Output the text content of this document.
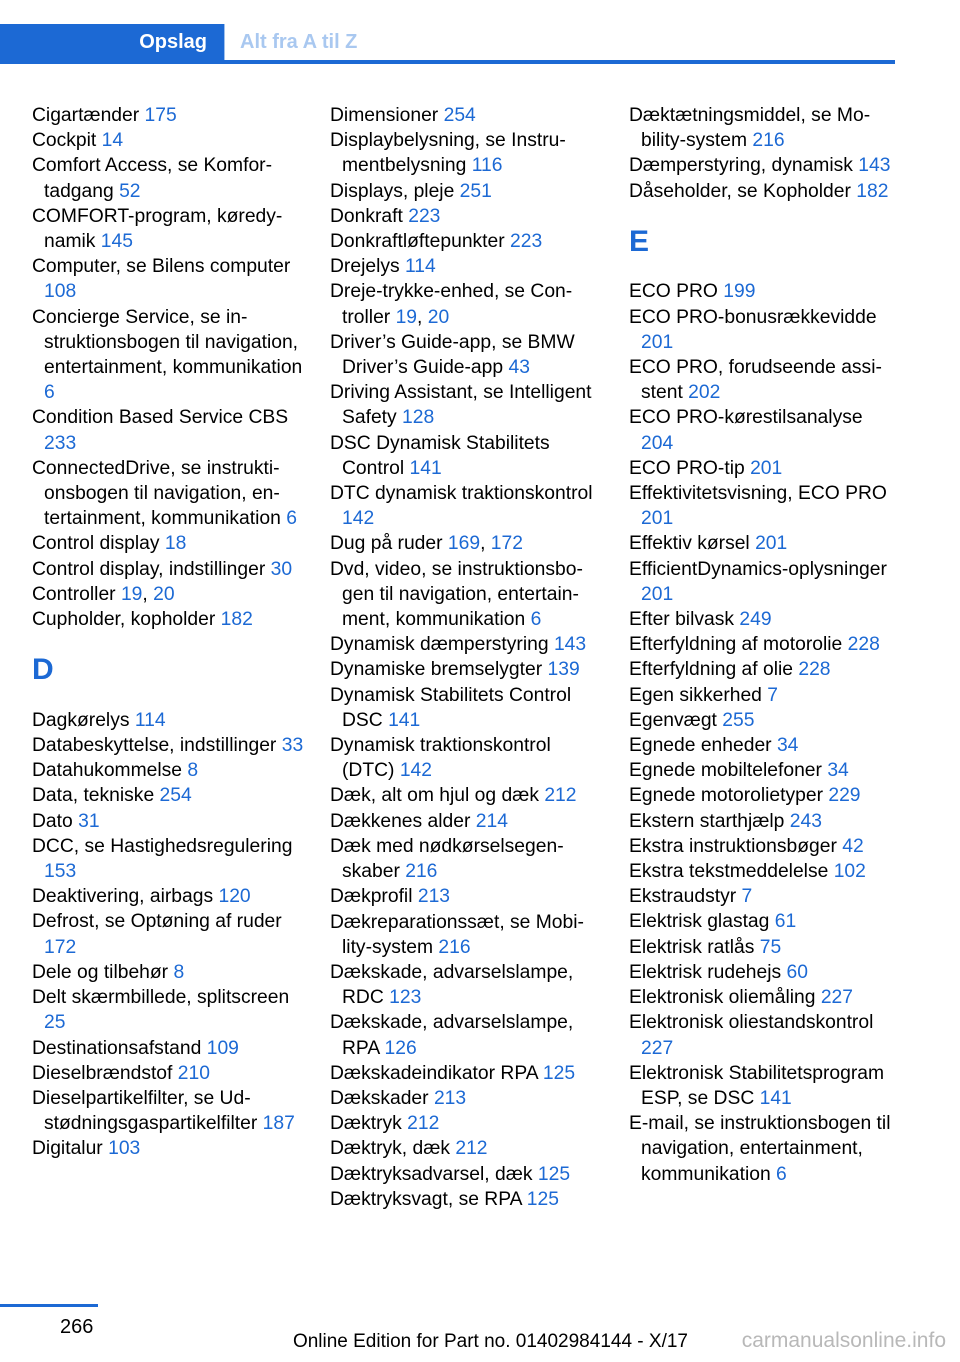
Opslag	Alt fra A til Z
Cigartænder 175
Cockpit 14
Comfort Access, se Komfortadgang 52
COMFORT-program, køredynamik 145
Computer, se Bilens computer 108
Concierge Service, se instruktionsbogen til navigation, entertainment, kommunikation 6
Condition Based Service CBS 233
ConnectedDrive, se instruktionsbogen til navigation, entertainment, kommunikation 6
Control display 18
Control display, indstillinger 30
Controller 19, 20
Cupholder, kopholder 182
D
Dagkørelys 114
Databeskyttelse, indstillinger 33
Datahukommelse 8
Data, tekniske 254
Dato 31
DCC, se Hastighedsregulering 153
Deaktivering, airbags 120
Defrost, se Optøning af ruder 172
Dele og tilbehør 8
Delt skærmbillede, splitscreen 25
Destinationsafstand 109
Dieselbrændstof 210
Dieselpartikelfilter, se Udstødningsgaspartikelfilter 187
Digitalur 103
Dimensioner 254
Displaybelysning, se Instrumentbelysning 116
Displays, pleje 251
Donkraft 223
Donkraftløftepunkter 223
Drejelys 114
Dreje-trykke-enhed, se Controller 19, 20
Driver’s Guide-app, se BMW Driver’s Guide-app 43
Driving Assistant, se Intelligent Safety 128
DSC Dynamisk Stabilitets Control 141
DTC dynamisk traktionskontrol 142
Dug på ruder 169, 172
Dvd, video, se instruktionsbogen til navigation, entertainment, kommunikation 6
Dynamisk dæmperstyring 143
Dynamiske bremselygter 139
Dynamisk Stabilitets Control DSC 141
Dynamisk traktionskontrol (DTC) 142
Dæk, alt om hjul og dæk 212
Dækkenes alder 214
Dæk med nødkørselsegenskaber 216
Dækprofil 213
Dækreparationssæt, se Mobility-system 216
Dækskade, advarselslampe, RDC 123
Dækskade, advarselslampe, RPA 126
Dækskadeindikator RPA 125
Dækskader 213
Dæktryk 212
Dæktryk, dæk 212
Dæktryksadvarsel, dæk 125
Dæktryksvagt, se RPA 125
Dæktætningsmiddel, se Mobility-system 216
Dæmperstyring, dynamisk 143
Dåseholder, se Kopholder 182
E
ECO PRO 199
ECO PRO-bonusrækkevidde 201
ECO PRO, forudseende assistent 202
ECO PRO-kørestilsanalyse 204
ECO PRO-tip 201
Effektivitetsvisning, ECO PRO 201
Effektiv kørsel 201
EfficientDynamics-oplysninger 201
Efter bilvask 249
Efterfyldning af motorolie 228
Efterfyldning af olie 228
Egen sikkerhed 7
Egenvægt 255
Egnede enheder 34
Egnede mobiltelefoner 34
Egnede motorolietyper 229
Ekstern starthjælp 243
Ekstra instruktionsbøger 42
Ekstra tekstmeddelelse 102
Ekstraudstyr 7
Elektrisk glastag 61
Elektrisk ratlås 75
Elektrisk rudehejs 60
Elektronisk oliemåling 227
Elektronisk oliestandskontrol 227
Elektronisk Stabilitetsprogram ESP, se DSC 141
E-mail, se instruktionsbogen til navigation, entertainment, kommunikation 6
266
Online Edition for Part no. 01402984144 - X/17	carmanualsonline.info
